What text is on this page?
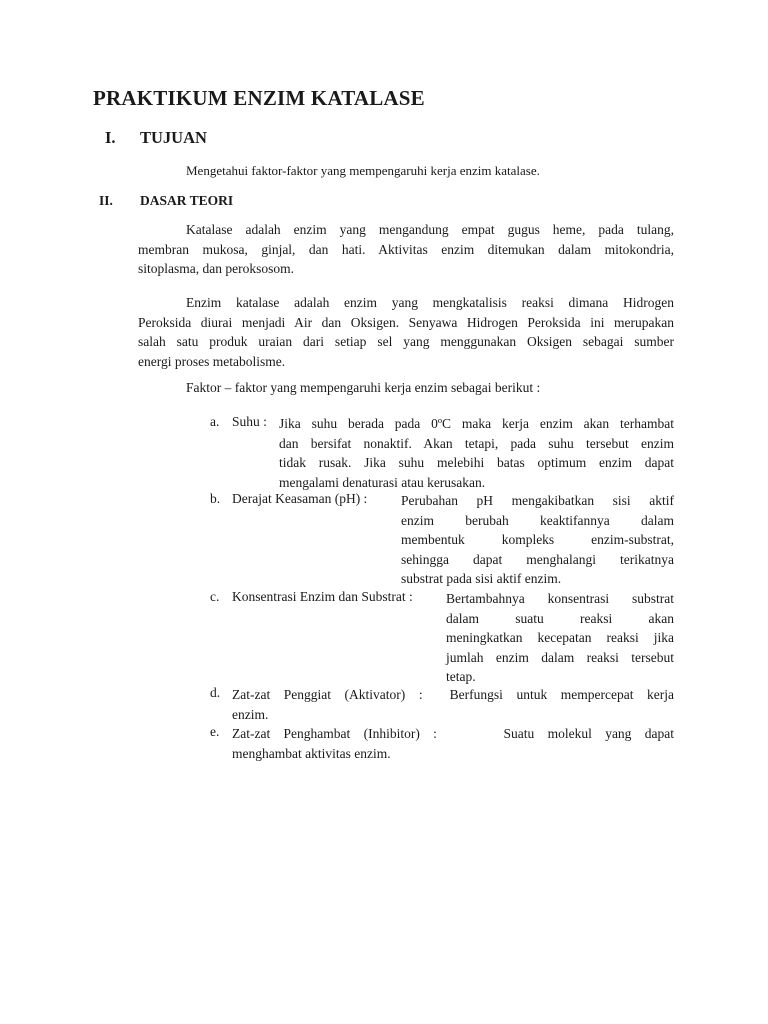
PRAKTIKUM ENZIM KATALASE
I. TUJUAN
Mengetahui faktor-faktor yang mempengaruhi kerja enzim katalase.
II. DASAR TEORI
Katalase adalah enzim yang mengandung empat gugus heme, pada tulang,
membran mukosa, ginjal, dan hati. Aktivitas enzim ditemukan dalam mitokondria,
sitoplasma, dan peroksosom.
Enzim katalase adalah enzim yang mengkatalisis reaksi dimana Hidrogen
Peroksida diurai menjadi Air dan Oksigen. Senyawa Hidrogen Peroksida ini merupakan
salah satu produk uraian dari setiap sel yang menggunakan Oksigen sebagai sumber
energi proses metabolisme.
Faktor – faktor yang mempengaruhi kerja enzim sebagai berikut :
a. Suhu : Jika suhu berada pada 0ºC maka kerja enzim akan terhambat
dan bersifat nonaktif. Akan tetapi, pada suhu tersebut enzim
tidak rusak. Jika suhu melebihi batas optimum enzim dapat
mengalami denaturasi atau kerusakan.
b. Derajat Keasaman (pH) : Perubahan pH mengakibatkan sisi aktif
enzim berubah keaktifannya dalam
membentuk kompleks enzim-substrat,
sehingga dapat menghalangi terikatnya
substrat pada sisi aktif enzim.
c. Konsentrasi Enzim dan Substrat : Bertambahnya konsentrasi substrat
dalam suatu reaksi akan
meningkatkan kecepatan reaksi jika
jumlah enzim dalam reaksi tersebut
tetap.
d. Zat-zat Penggiat (Aktivator) :  Berfungsi untuk mempercepat kerja
enzim.
e. Zat-zat Penghambat (Inhibitor) :     Suatu molekul yang dapat
menghambat aktivitas enzim.
